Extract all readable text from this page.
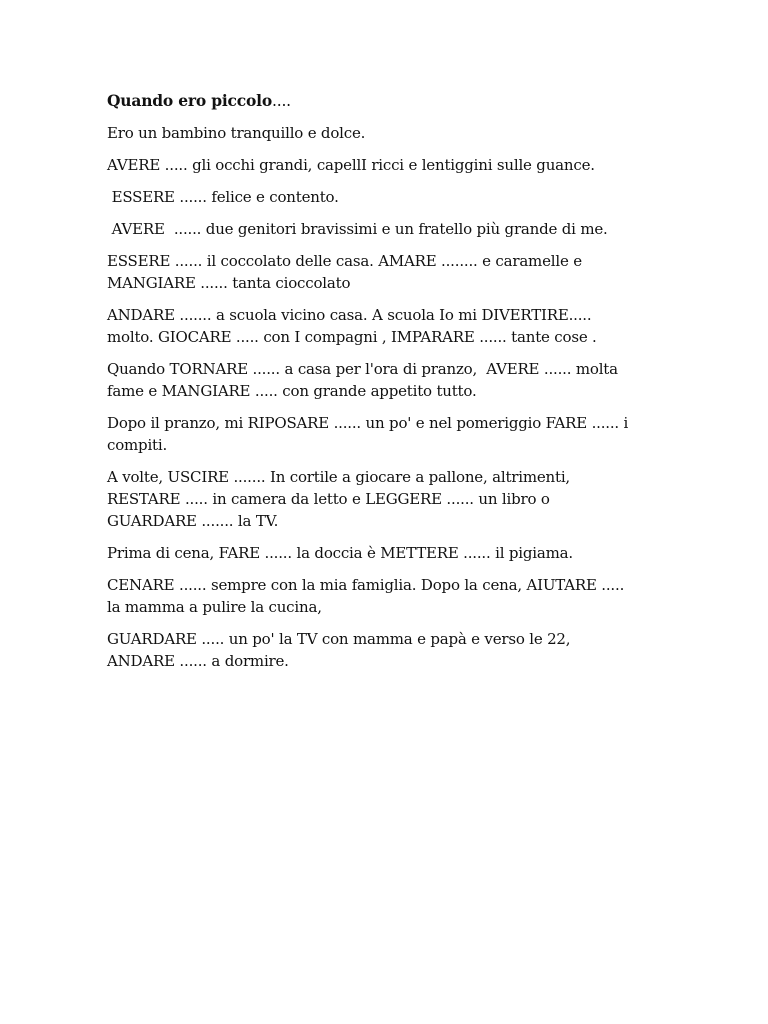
Quando ero piccolo....
Ero un bambino tranquillo e dolce.
AVERE ..... gli occhi grandi, capellI ricci e lentiggini sulle guance.
ESSERE ...... felice e contento.
AVERE  ...... due genitori bravissimi e un fratello più grande di me.
ESSERE ...... il coccolato delle casa. AMARE ........ e caramelle e
MANGIARE ...... tanta cioccolato
ANDARE ....... a scuola vicino casa. A scuola Io mi DIVERTIRE.....
molto. GIOCARE ..... con I compagni , IMPARARE ...... tante cose .
Quando TORNARE ...... a casa per l'ora di pranzo,  AVERE ...... molta
fame e MANGIARE ..... con grande appetito tutto.
Dopo il pranzo, mi RIPOSARE ...... un po' e nel pomeriggio FARE ...... i
compiti.
A volte, USCIRE ....... In cortile a giocare a pallone, altrimenti,
RESTARE ..... in camera da letto e LEGGERE ...... un libro o
GUARDARE ....... la TV.
Prima di cena, FARE ...... la doccia è METTERE ...... il pigiama.
CENARE ...... sempre con la mia famiglia. Dopo la cena, AIUTARE .....
la mamma a pulire la cucina,
GUARDARE ..... un po' la TV con mamma e papà e verso le 22,
ANDARE ...... a dormire.
